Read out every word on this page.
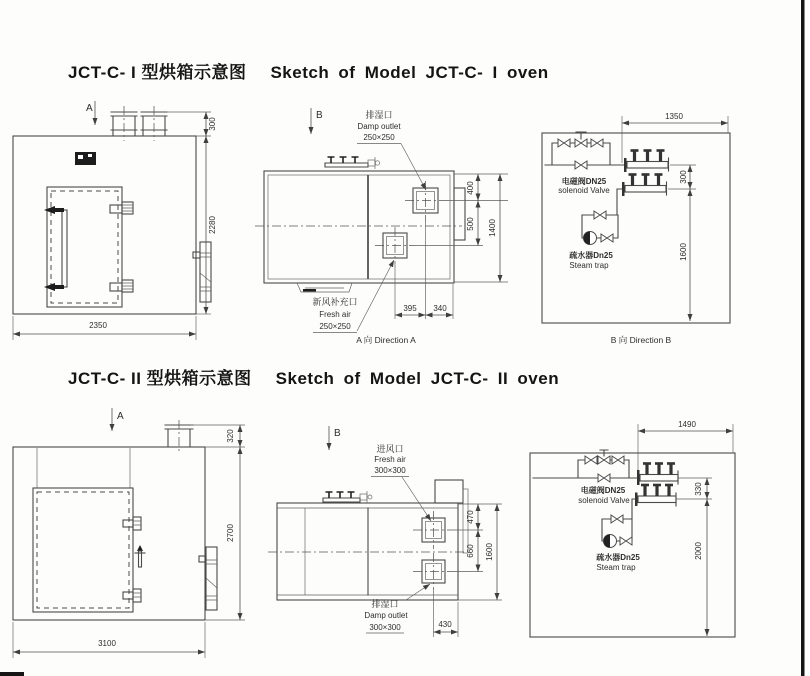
JCT-C- I 型烘箱示意图 Sketch of Model JCT-C- I oven
JCT-C- II 型烘箱示意图 Sketch of Model JCT-C- II oven
A
300
2280
2350
B	排湿口
Damp outlet
250×250
新风补充口
Fresh air
250×250
400
500 1400
395 340
A 向 Direction A
1350
电磁阀DN25
solenoid Valve
疏水器Dn25
Steam trap
300
1600
B 向 Direction B
A
320
2700
3100
B
进风口
Fresh air
300×300
排湿口
Damp outlet
300×300	430
470
660 1600
1490
电磁阀DN25
solenoid Valve
疏水器Dn25
Steam trap
330
2000
